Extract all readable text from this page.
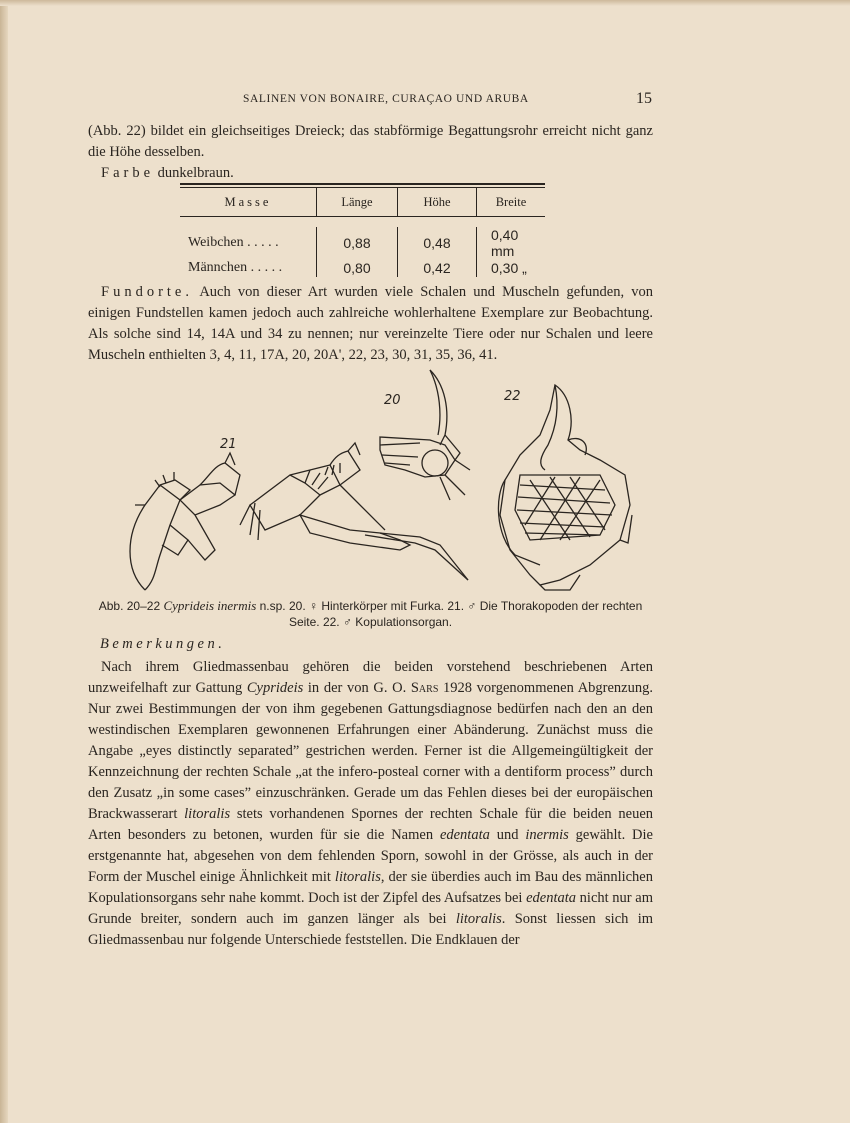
SALINEN VON BONAIRE, CURAÇAO UND ARUBA	15
(Abb. 22) bildet ein gleichseitiges Dreieck; das stabförmige Begattungsrohr erreicht nicht ganz die Höhe desselben.
Farbe dunkelbraun.
Masse	Länge	Höhe	Breite

Weibchen . . . . .	0,88	0,48	0,40 mm
Männchen . . . . .	0,80	0,42	0,30 „
Fundorte. Auch von dieser Art wurden viele Schalen und Muscheln gefunden, von einigen Fundstellen kamen jedoch auch zahlreiche wohlerhaltene Exemplare zur Beobachtung. Als solche sind 14, 14A und 34 zu nennen; nur vereinzelte Tiere oder nur Schalen und leere Muscheln enthielten 3, 4, 11, 17A, 20, 20A', 22, 23, 30, 31, 35, 36, 41.
21
20	22
Abb. 20–22 Cyprideis inermis n.sp. 20. ♀ Hinterkörper mit Furka. 21. ♂ Die Thorakopoden der rechten Seite. 22. ♂ Kopulationsorgan.
Bemerkungen.
Nach ihrem Gliedmassenbau gehören die beiden vorstehend beschriebenen Arten unzweifelhaft zur Gattung Cyprideis in der von G. O. Sars 1928 vorgenommenen Abgrenzung. Nur zwei Bestimmungen der von ihm gegebenen Gattungsdiagnose bedürfen nach den an den westindischen Exemplaren gewonnenen Erfahrungen einer Abänderung. Zunächst muss die Angabe „eyes distinctly separated” gestrichen werden. Ferner ist die Allgemeingültigkeit der Kennzeichnung der rechten Schale „at the infero-posteal corner with a dentiform process” durch den Zusatz „in some cases” einzuschränken. Gerade um das Fehlen dieses bei der europäischen Brackwasserart litoralis stets vorhandenen Spornes der rechten Schale für die beiden neuen Arten besonders zu betonen, wurden für sie die Namen edentata und inermis gewählt. Die erstgenannte hat, abgesehen von dem fehlenden Sporn, sowohl in der Grösse, als auch in der Form der Muschel einige Ähnlichkeit mit litoralis, der sie überdies auch im Bau des männlichen Kopulationsorgans sehr nahe kommt. Doch ist der Zipfel des Aufsatzes bei edentata nicht nur am Grunde breiter, sondern auch im ganzen länger als bei litoralis. Sonst liessen sich im Gliedmassenbau nur folgende Unterschiede feststellen. Die Endklauen der
